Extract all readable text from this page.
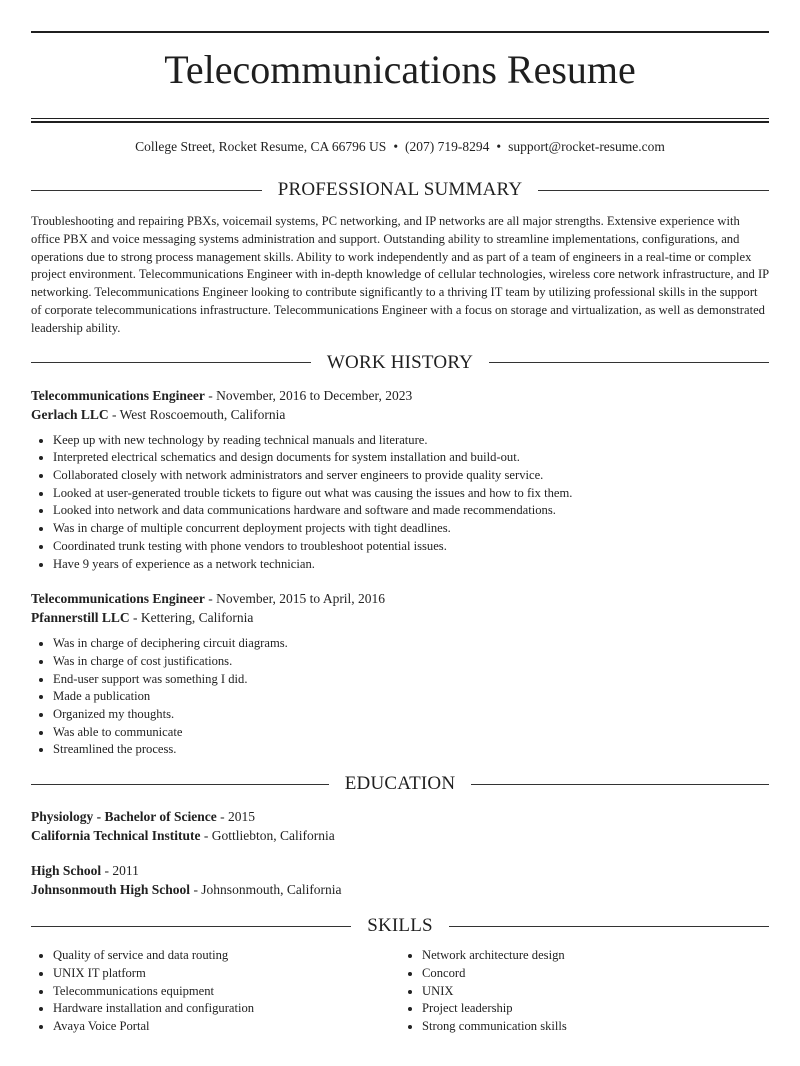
Telecommunications Resume
College Street, Rocket Resume, CA 66796 US • (207) 719-8294 • support@rocket-resume.com
PROFESSIONAL SUMMARY

Troubleshooting and repairing PBXs, voicemail systems, PC networking, and IP networks are all major strengths. Extensive experience with office PBX and voice messaging systems administration and support. Outstanding ability to streamline implementations, configurations, and operations due to strong process management skills. Ability to work independently and as part of a team of engineers in a real-time or complex project environment. Telecommunications Engineer with in-depth knowledge of cellular technologies, wireless core network infrastructure, and IP networking. Telecommunications Engineer looking to contribute significantly to a thriving IT team by utilizing professional skills in the support of corporate telecommunications infrastructure. Telecommunications Engineer with a focus on storage and virtualization, as well as demonstrated leadership ability.

WORK HISTORY
Telecommunications Engineer - November, 2016 to December, 2023
Gerlach LLC - West Roscoemouth, California
• Keep up with new technology by reading technical manuals and literature.
• Interpreted electrical schematics and design documents for system installation and build-out.
• Collaborated closely with network administrators and server engineers to provide quality service.
• Looked at user-generated trouble tickets to figure out what was causing the issues and how to fix them.
• Looked into network and data communications hardware and software and made recommendations.
• Was in charge of multiple concurrent deployment projects with tight deadlines.
• Coordinated trunk testing with phone vendors to troubleshoot potential issues.
• Have 9 years of experience as a network technician.
Telecommunications Engineer - November, 2015 to April, 2016
Pfannerstill LLC - Kettering, California
• Was in charge of deciphering circuit diagrams.
• Was in charge of cost justifications.
• End-user support was something I did.
• Made a publication
• Organized my thoughts.
• Was able to communicate
• Streamlined the process.
EDUCATION
Physiology - Bachelor of Science - 2015
California Technical Institute - Gottliebton, California
High School - 2011
Johnsonmouth High School - Johnsonmouth, California
SKILLS
• Quality of service and data routing
• UNIX IT platform
• Telecommunications equipment
• Hardware installation and configuration
• Avaya Voice Portal
• Network architecture design
• Concord
• UNIX
• Project leadership
• Strong communication skills
